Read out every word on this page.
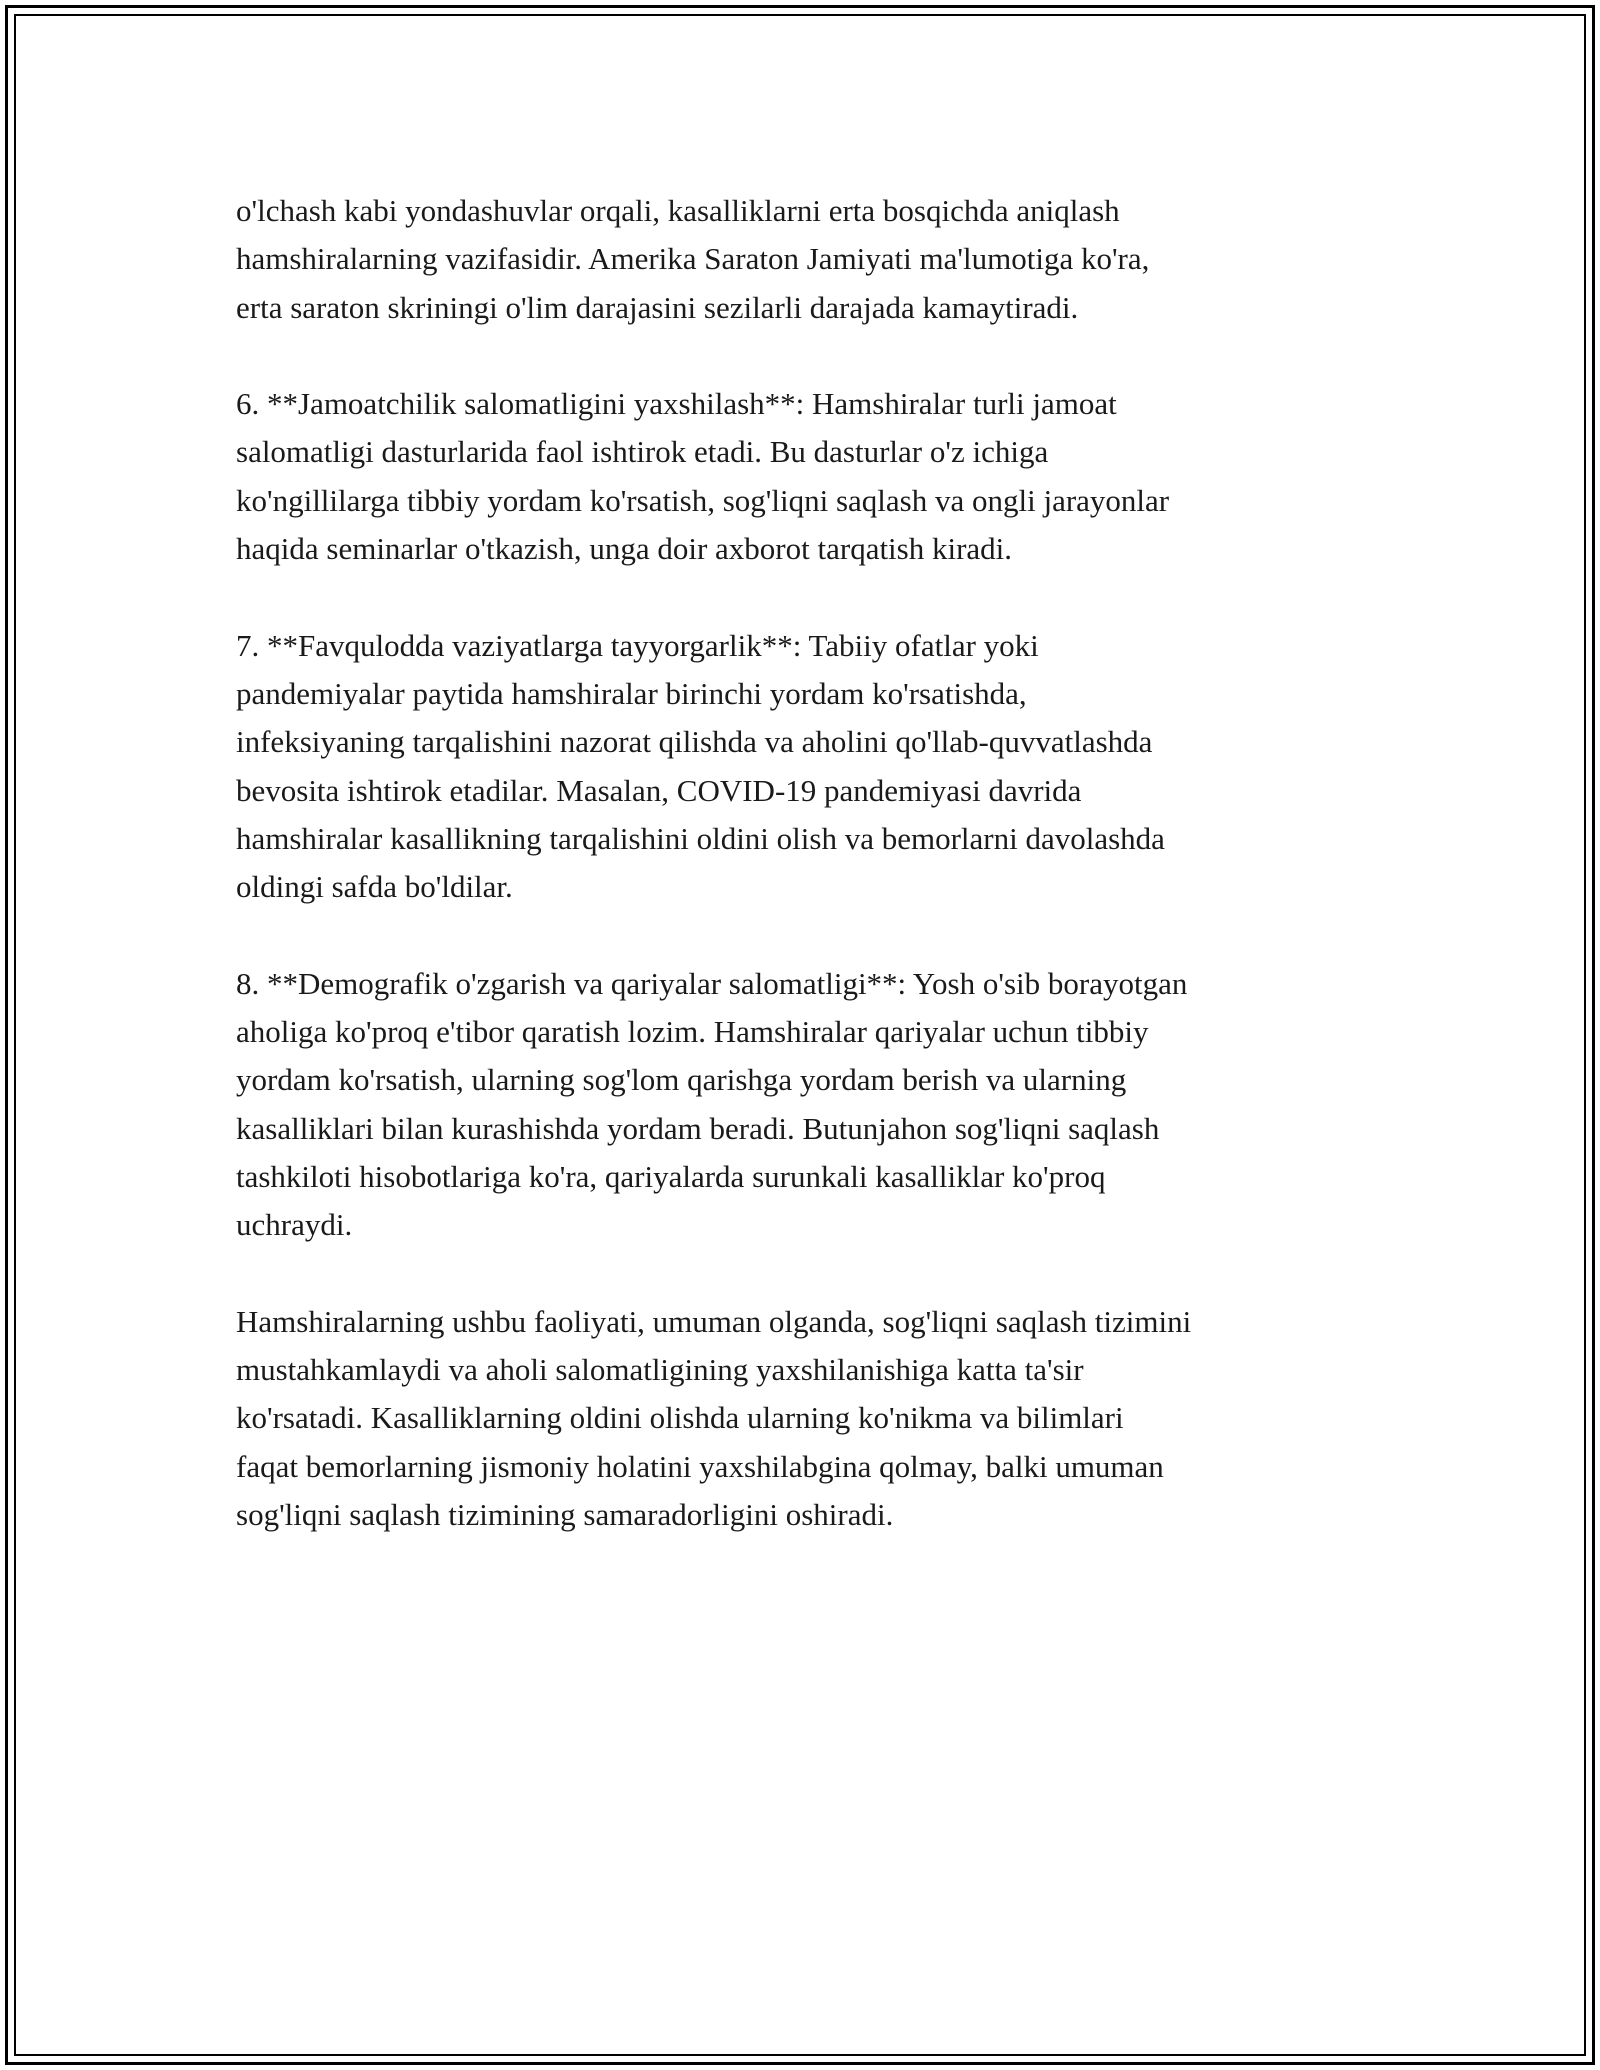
o'lchash kabi yondashuvlar orqali, kasalliklarni erta bosqichda aniqlash
hamshiralarning vazifasidir. Amerika Saraton Jamiyati ma'lumotiga ko'ra,
erta saraton skriningi o'lim darajasini sezilarli darajada kamaytiradi.

6. **Jamoatchilik salomatligini yaxshilash**: Hamshiralar turli jamoat
salomatligi dasturlarida faol ishtirok etadi. Bu dasturlar o'z ichiga
ko'ngillilarga tibbiy yordam ko'rsatish, sog'liqni saqlash va ongli jarayonlar
haqida seminarlar o'tkazish, unga doir axborot tarqatish kiradi.

7. **Favqulodda vaziyatlarga tayyorgarlik**: Tabiiy ofatlar yoki
pandemiyalar paytida hamshiralar birinchi yordam ko'rsatishda,
infeksiyaning tarqalishini nazorat qilishda va aholini qo'llab-quvvatlashda
bevosita ishtirok etadilar. Masalan, COVID-19 pandemiyasi davrida
hamshiralar kasallikning tarqalishini oldini olish va bemorlarni davolashda
oldingi safda bo'ldilar.

8. **Demografik o'zgarish va qariyalar salomatligi**: Yosh o'sib borayotgan
aholiga ko'proq e'tibor qaratish lozim. Hamshiralar qariyalar uchun tibbiy
yordam ko'rsatish, ularning sog'lom qarishga yordam berish va ularning
kasalliklari bilan kurashishda yordam beradi. Butunjahon sog'liqni saqlash
tashkiloti hisobotlariga ko'ra, qariyalarda surunkali kasalliklar ko'proq
uchraydi.

Hamshiralarning ushbu faoliyati, umuman olganda, sog'liqni saqlash tizimini
mustahkamlaydi va aholi salomatligining yaxshilanishiga katta ta'sir
ko'rsatadi. Kasalliklarning oldini olishda ularning ko'nikma va bilimlari
faqat bemorlarning jismoniy holatini yaxshilabgina qolmay, balki umuman
sog'liqni saqlash tizimining samaradorligini oshiradi.
